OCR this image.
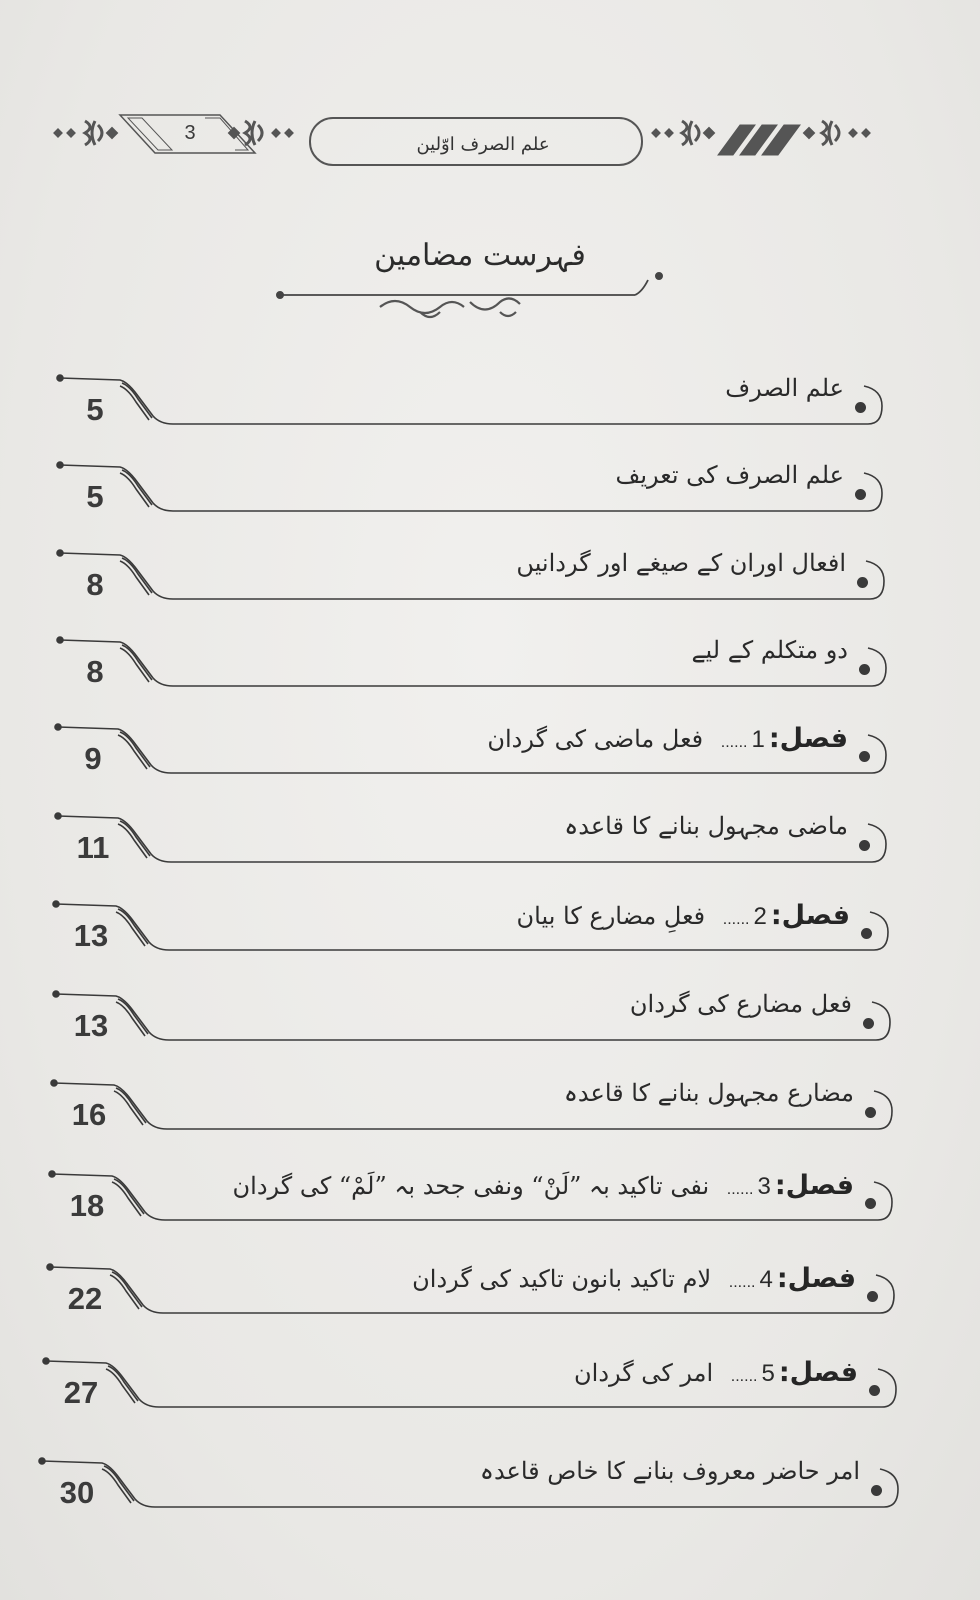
3	علم الصرف اوّلین
فہرست مضامین
5
علم الصرف
5
علم الصرف کی تعریف
8
افعال اوران کے صیغے اور گردانیں
8
دو متکلم کے لیے
9
فصل:1...... فعل ماضی کی گردان
11
ماضی مجہول بنانے کا قاعدہ
13
فصل:2...... فعلِ مضارع کا بیان
13
فعل مضارع کی گردان
16
مضارع مجہول بنانے کا قاعدہ
18
فصل:3...... نفی تاکید بہ ”لَنْ“ ونفی جحد بہ ”لَمْ“ کی گردان
22
فصل:4...... لام تاکید بانون تاکید کی گردان
27
فصل:5...... امر کی گردان
30
امر حاضر معروف بنانے کا خاص قاعدہ
